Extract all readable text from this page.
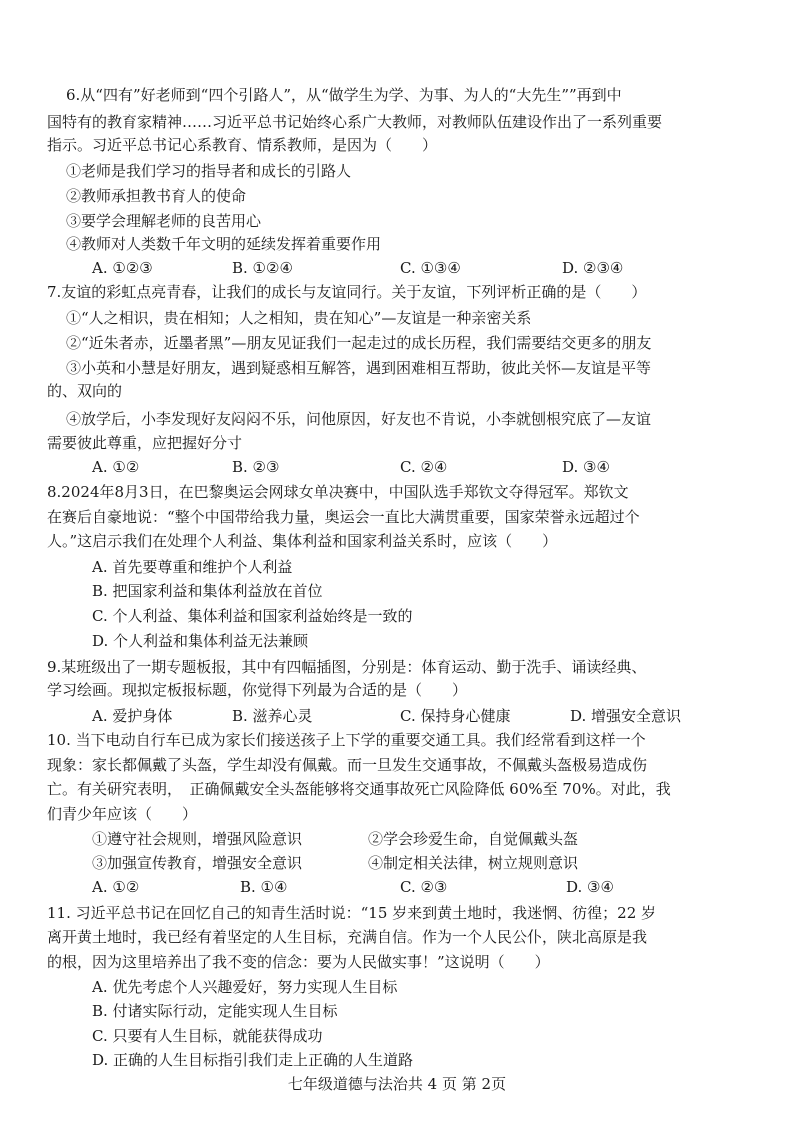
6.从“四有”好老师到“四个引路人”，从“做学生为学、为事、为人的“大先生””再到中
国特有的教育家精神……习近平总书记始终心系广大教师，对教师队伍建设作出了一系列重要
指示。习近平总书记心系教育、情系教师，是因为（　　）
①老师是我们学习的指导者和成长的引路人
②教师承担教书育人的使命
③要学会理解老师的良苦用心
④教师对人类数千年文明的延续发挥着重要作用
A. ①②③	B. ①②④	C. ①③④	D. ②③④
7.友谊的彩虹点亮青春，让我们的成长与友谊同行。关于友谊，下列评析正确的是（　　）
①“人之相识，贵在相知；人之相知，贵在知心”—友谊是一种亲密关系
②“近朱者赤，近墨者黑”—朋友见证我们一起走过的成长历程，我们需要结交更多的朋友
③小英和小慧是好朋友，遇到疑惑相互解答，遇到困难相互帮助，彼此关怀—友谊是平等
的、双向的
④放学后，小李发现好友闷闷不乐，问他原因，好友也不肯说，小李就刨根究底了—友谊
需要彼此尊重，应把握好分寸
A. ①②	B. ②③	C. ②④	D. ③④
8.2024年8月3日，在巴黎奥运会网球女单决赛中，中国队选手郑钦文夺得冠军。郑钦文
在赛后自豪地说：“整个中国带给我力量，奥运会一直比大满贯重要，国家荣誉永远超过个
人。”这启示我们在处理个人利益、集体利益和国家利益关系时，应该（　　）
A. 首先要尊重和维护个人利益
B. 把国家利益和集体利益放在首位
C. 个人利益、集体利益和国家利益始终是一致的
D. 个人利益和集体利益无法兼顾
9.某班级出了一期专题板报，其中有四幅插图，分别是：体育运动、勤于洗手、诵读经典、
学习绘画。现拟定板报标题，你觉得下列最为合适的是（　　）
A. 爱护身体	B. 滋养心灵	C. 保持身心健康	D. 增强安全意识
10. 当下电动自行车已成为家长们接送孩子上下学的重要交通工具。我们经常看到这样一个
现象：家长都佩戴了头盔，学生却没有佩戴。而一旦发生交通事故，不佩戴头盔极易造成伤
亡。有关研究表明，　正确佩戴安全头盔能够将交通事故死亡风险降低 60%至 70%。对此，我
们青少年应该（　　）
①遵守社会规则，增强风险意识	②学会珍爱生命，自觉佩戴头盔
③加强宣传教育，增强安全意识	④制定相关法律，树立规则意识
A. ①②	B. ①④	C. ②③	D. ③④
11. 习近平总书记在回忆自己的知青生活时说：“15 岁来到黄土地时，我迷惘、彷徨；22 岁
离开黄土地时，我已经有着坚定的人生目标，充满自信。作为一个人民公仆，陕北高原是我
的根，因为这里培养出了我不变的信念：要为人民做实事！”这说明（　　）
A. 优先考虑个人兴趣爱好，努力实现人生目标
B. 付诸实际行动，定能实现人生目标
C. 只要有人生目标，就能获得成功
D. 正确的人生目标指引我们走上正确的人生道路
七年级道德与法治共 4 页 第 2页
